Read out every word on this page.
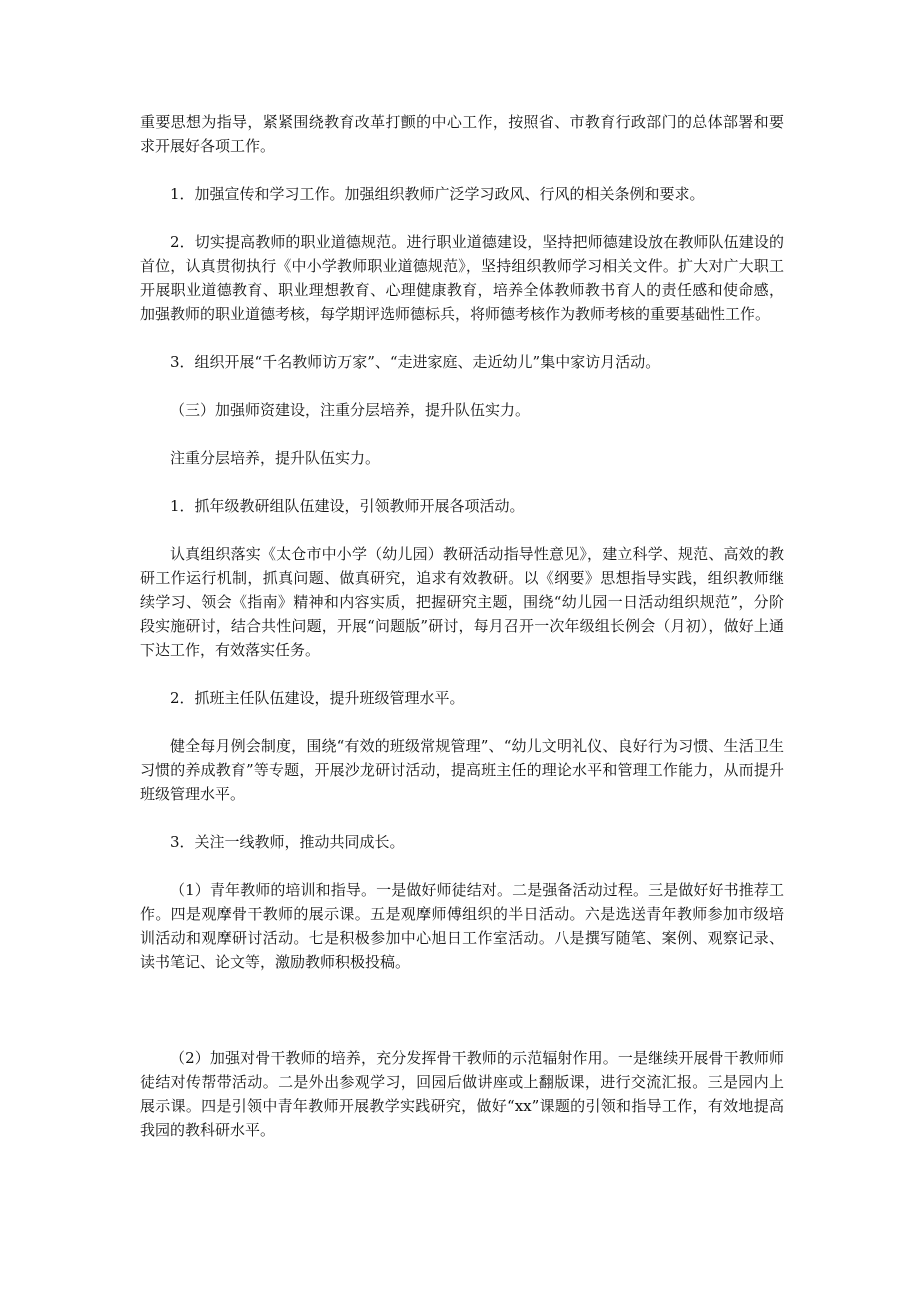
重要思想为指导，紧紧围绕教育改革打颤的中心工作，按照省、市教育行政部门的总体部署和要求开展好各项工作。

1．加强宣传和学习工作。加强组织教师广泛学习政风、行风的相关条例和要求。

2．切实提高教师的职业道德规范。进行职业道德建设，坚持把师德建设放在教师队伍建设的首位，认真贯彻执行《中小学教师职业道德规范》，坚持组织教师学习相关文件。扩大对广大职工开展职业道德教育、职业理想教育、心理健康教育，培养全体教师教书育人的责任感和使命感，加强教师的职业道德考核，每学期评选师德标兵，将师德考核作为教师考核的重要基础性工作。

3．组织开展“千名教师访万家”、“走进家庭、走近幼儿”集中家访月活动。

（三）加强师资建设，注重分层培养，提升队伍实力。

注重分层培养，提升队伍实力。

1．抓年级教研组队伍建设，引领教师开展各项活动。

认真组织落实《太仓市中小学（幼儿园）教研活动指导性意见》，建立科学、规范、高效的教研工作运行机制，抓真问题、做真研究，追求有效教研。以《纲要》思想指导实践，组织教师继续学习、领会《指南》精神和内容实质，把握研究主题，围绕“幼儿园一日活动组织规范”，分阶段实施研讨，结合共性问题，开展“问题版”研讨，每月召开一次年级组长例会（月初），做好上通下达工作，有效落实任务。

2．抓班主任队伍建设，提升班级管理水平。

健全每月例会制度，围绕“有效的班级常规管理”、“幼儿文明礼仪、良好行为习惯、生活卫生习惯的养成教育”等专题，开展沙龙研讨活动，提高班主任的理论水平和管理工作能力，从而提升班级管理水平。

3．关注一线教师，推动共同成长。

（1）青年教师的培训和指导。一是做好师徒结对。二是强备活动过程。三是做好好书推荐工作。四是观摩骨干教师的展示课。五是观摩师傅组织的半日活动。六是选送青年教师参加市级培训活动和观摩研讨活动。七是积极参加中心旭日工作室活动。八是撰写随笔、案例、观察记录、读书笔记、论文等，激励教师积极投稿。

（2）加强对骨干教师的培养，充分发挥骨干教师的示范辐射作用。一是继续开展骨干教师师徒结对传帮带活动。二是外出参观学习，回园后做讲座或上翻版课，进行交流汇报。三是园内上展示课。四是引领中青年教师开展教学实践研究，做好“xx”课题的引领和指导工作，有效地提高我园的教科研水平。
